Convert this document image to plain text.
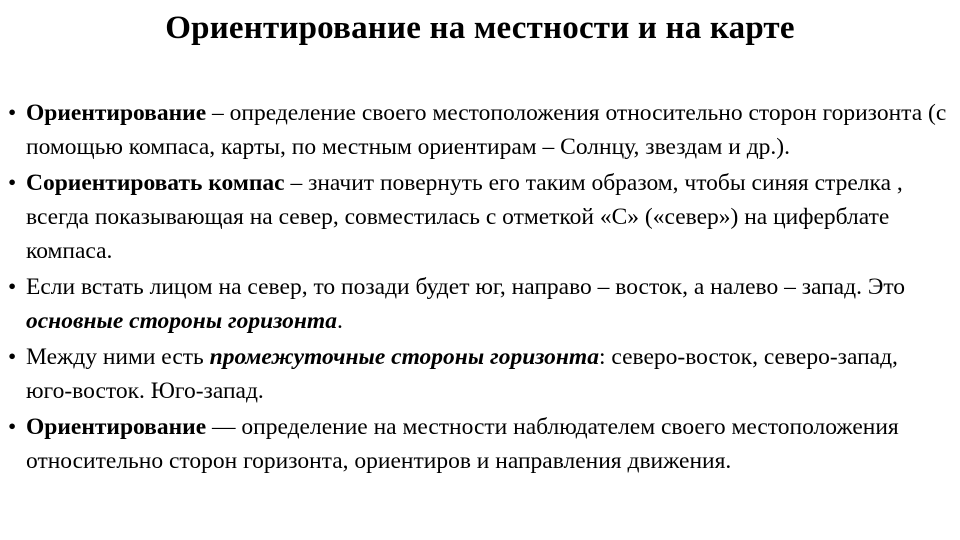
Ориентирование на местности и на карте
• Ориентирование – определение своего местоположения относительно сторон горизонта (с помощью компаса, карты, по местным ориентирам – Солнцу, звездам и др.).
• Сориентировать компас – значит повернуть его таким образом, чтобы синяя стрелка , всегда показывающая на север, совместилась с отметкой «С» («север») на циферблате компаса.
• Если встать лицом на север, то позади будет юг, направо – восток, а налево – запад. Это основные стороны горизонта.
• Между ними есть промежуточные стороны горизонта: северо-восток, северо-запад, юго-восток. Юго-запад.
• Ориентирование — определение на местности наблюдателем своего местоположения относительно сторон горизонта, ориентиров и направления движения.
